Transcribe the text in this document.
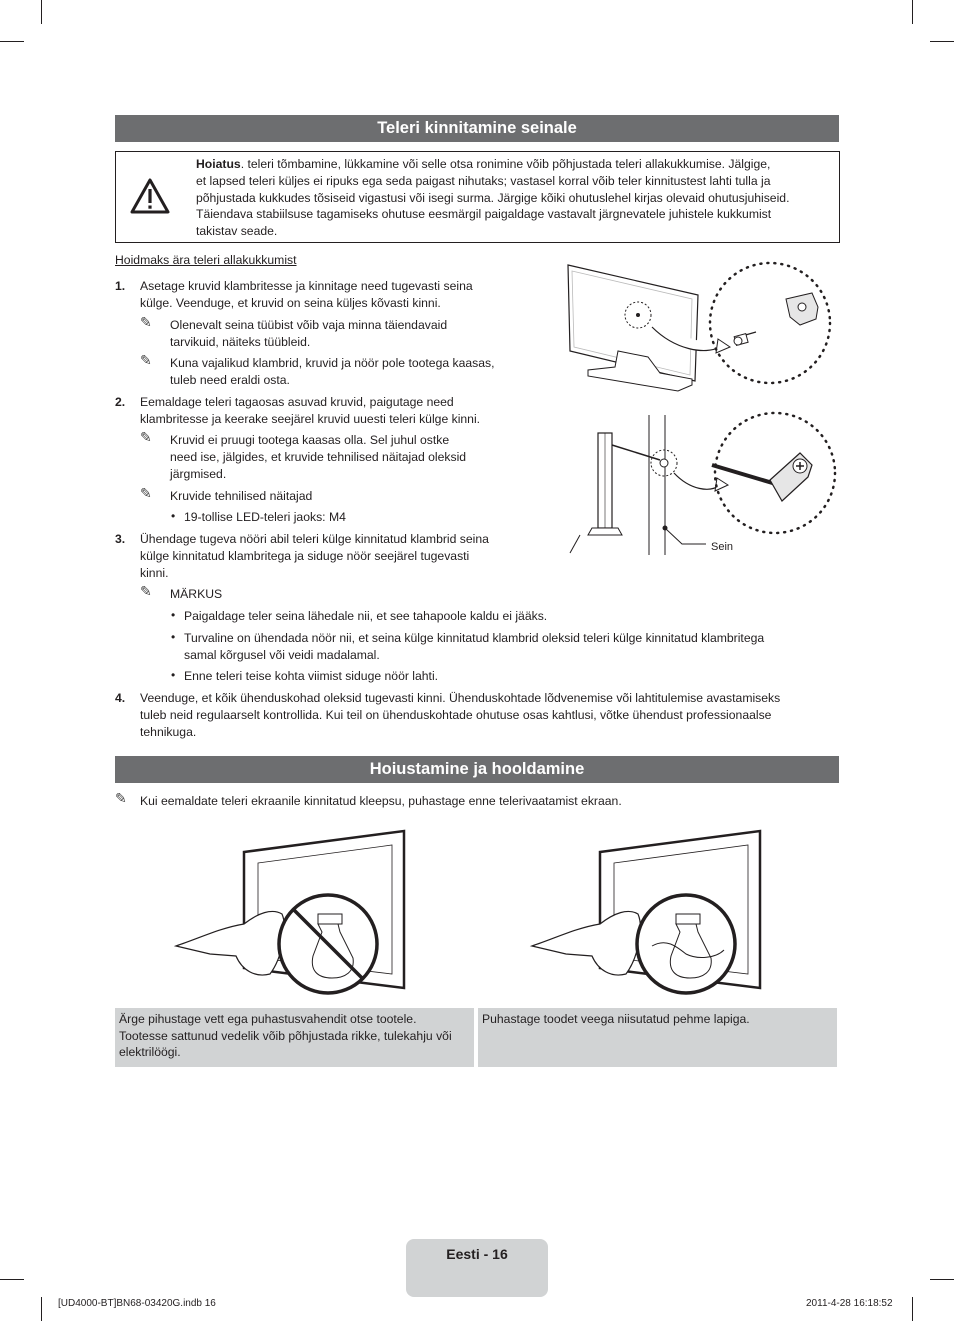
Teleri kinnitamine seinale
Hoiatus. teleri tõmbamine, lükkamine või selle otsa ronimine võib põhjustada teleri allakukkumise. Jälgige,
et lapsed teleri küljes ei ripuks ega seda paigast nihutaks; vastasel korral võib teler kinnitustest lahti tulla ja
põhjustada kukkudes tõsiseid vigastusi või isegi surma. Järgige kõiki ohutuslehel kirjas olevaid ohutusjuhiseid.
Täiendava stabiilsuse tagamiseks ohutuse eesmärgil paigaldage vastavalt järgnevatele juhistele kukkumist
takistav seade.
Hoidmaks ära teleri allakukkumist
1. Asetage kruvid klambritesse ja kinnitage need tugevasti seina
külge. Veenduge, et kruvid on seina küljes kõvasti kinni.
✎ Olenevalt seina tüübist võib vaja minna täiendavaid
tarvikuid, näiteks tüübleid.
✎ Kuna vajalikud klambrid, kruvid ja nöör pole tootega kaasas,
tuleb need eraldi osta.
2. Eemaldage teleri tagaosas asuvad kruvid, paigutage need
klambritesse ja keerake seejärel kruvid uuesti teleri külge kinni.
✎ Kruvid ei pruugi tootega kaasas olla. Sel juhul ostke
need ise, jälgides, et kruvide tehnilised näitajad oleksid
järgmised.
✎ Kruvide tehnilised näitajad
• 19-tollise LED-teleri jaoks: M4
3. Ühendage tugeva nööri abil teleri külge kinnitatud klambrid seina
külge kinnitatud klambritega ja siduge nöör seejärel tugevasti
kinni.
✎ MÄRKUS
• Paigaldage teler seina lähedale nii, et see tahapoole kaldu ei jääks.
• Turvaline on ühendada nöör nii, et seina külge kinnitatud klambrid oleksid teleri külge kinnitatud klambritega
samal kõrgusel või veidi madalamal.
• Enne teleri teise kohta viimist siduge nöör lahti.
4. Veenduge, et kõik ühenduskohad oleksid tugevasti kinni. Ühenduskohtade lõdvenemise või lahtitulemise avastamiseks
tuleb neid regulaarselt kontrollida. Kui teil on ühenduskohtade ohutuse osas kahtlusi, võtke ühendust professionaalse
tehnikuga.
Sein
Hoiustamine ja hooldamine
✎ Kui eemaldate teleri ekraanile kinnitatud kleepsu, puhastage enne telerivaatamist ekraan.
Ärge pihustage vett ega puhastusvahendit otse tootele.
Tootesse sattunud vedelik võib põhjustada rikke, tulekahju või
elektrilöögi.
Puhastage toodet veega niisutatud pehme lapiga.
Eesti - 16
[UD4000-BT]BN68-03420G.indb 16	2011-4-28 16:18:52
